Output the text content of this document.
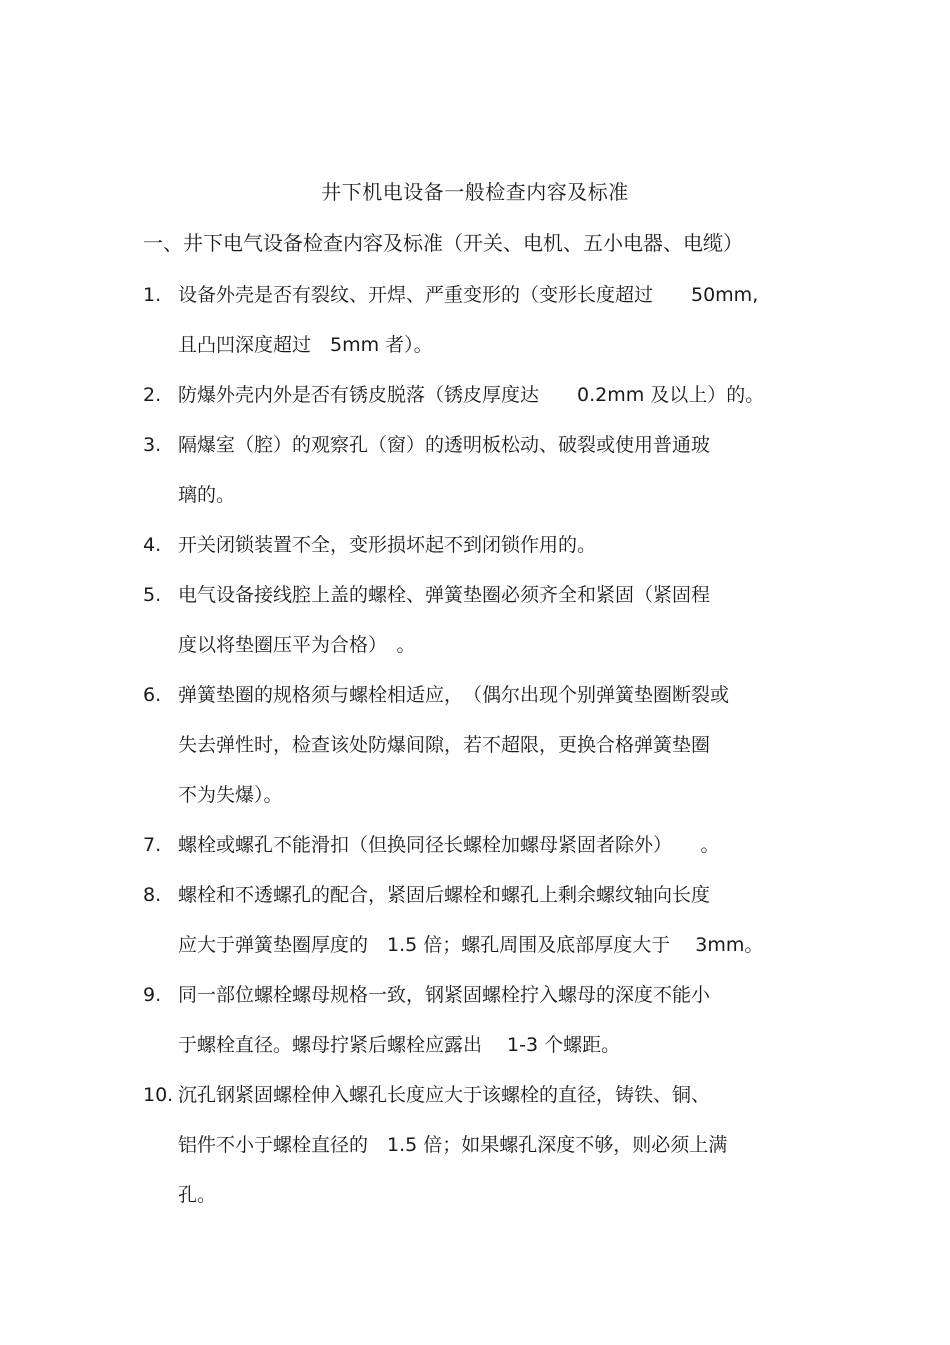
井下机电设备一般检查内容及标准
一、井下电气设备检查内容及标准（开关、电机、五小电器、电缆）
1. 设备外壳是否有裂纹、开焊、严重变形的（变形长度超过　　50mm,
且凸凹深度超过　5mm 者）。
2. 防爆外壳内外是否有锈皮脱落（锈皮厚度达　　0.2mm 及以上）的。
3. 隔爆室（腔）的观察孔（窗）的透明板松动、破裂或使用普通玻
璃的。
4. 开关闭锁装置不全，变形损坏起不到闭锁作用的。
5. 电气设备接线腔上盖的螺栓、弹簧垫圈必须齐全和紧固（紧固程
度以将垫圈压平为合格）　。
6. 弹簧垫圈的规格须与螺栓相适应，　（偶尔出现个别弹簧垫圈断裂或
失去弹性时，检查该处防爆间隙，若不超限，更换合格弹簧垫圈
不为失爆）。
7. 螺栓或螺孔不能滑扣（但换同径长螺栓加螺母紧固者除外）　　。
8. 螺栓和不透螺孔的配合，紧固后螺栓和螺孔上剩余螺纹轴向长度
应大于弹簧垫圈厚度的　1.5 倍；螺孔周围及底部厚度大于　 3mm。
9. 同一部位螺栓螺母规格一致，钢紧固螺栓拧入螺母的深度不能小
于螺栓直径。螺母拧紧后螺栓应露出　 1-3 个螺距。
10. 沉孔钢紧固螺栓伸入螺孔长度应大于该螺栓的直径，铸铁、铜、
铝件不小于螺栓直径的　1.5 倍；如果螺孔深度不够，则必须上满
孔。
